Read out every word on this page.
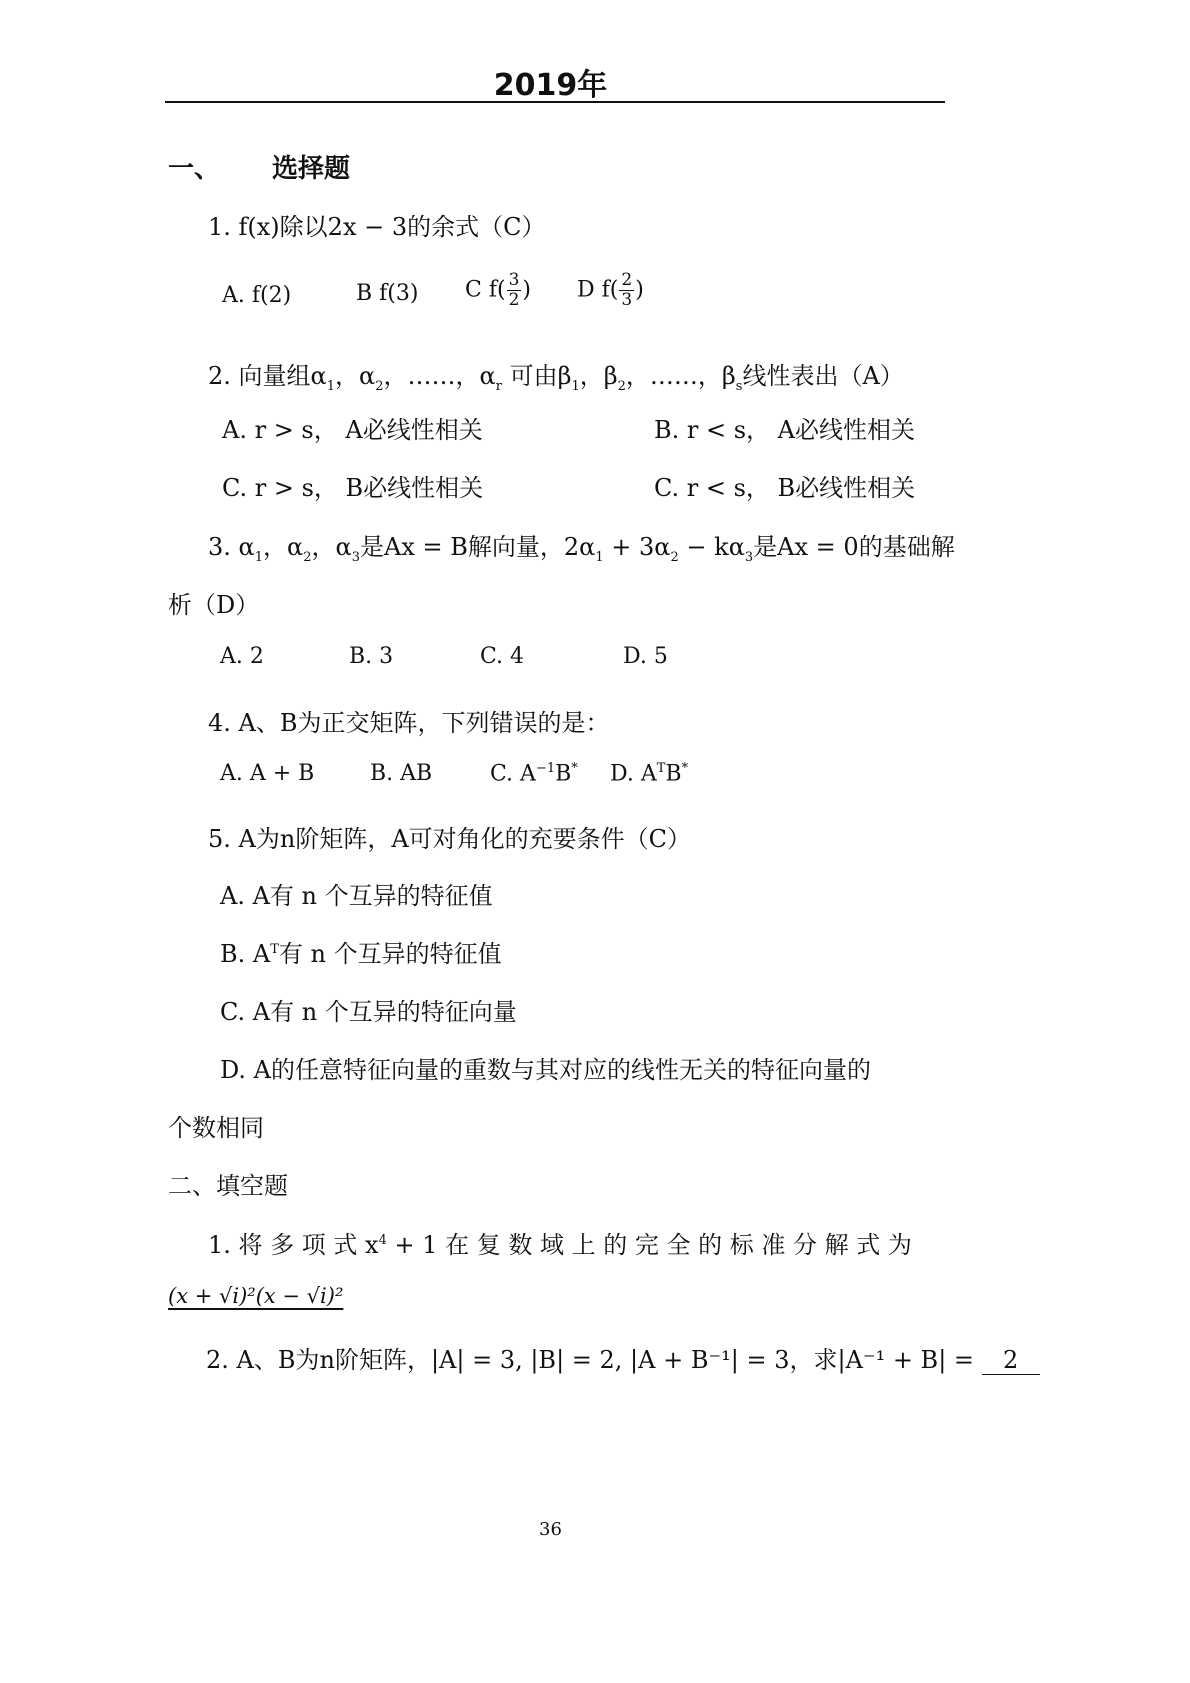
2019年
一、 选择题
1. f(x)除以2x − 3的余式（C）
A. f(2)	B f(3) C $f( \frac{3}{2}$ ) D $f( \frac{2}{3}$ )
2. 向量组$\alpha_1$，$\alpha_2$，……，$\alpha_r$ 可由$\beta_1$，$\beta_2$，……，$\beta_s$线性表出（A）
A. r > s， A必线性相关	B. r < s， A必线性相关
C. r > s， B必线性相关	C. r < s， B必线性相关
3. $\alpha_1$，$\alpha_2$，$\alpha_3$是Ax = B解向量，$2\alpha_1 + 3\alpha_2 - k\alpha_3$是Ax = 0的基础解
析（D）
A. 2	B. 3	C. 4	D. 5
4. A、B为正交矩阵，下列错误的是：
A. A + B	B. AB	C. $A^{-1}B^*$ D. $A^TB^*$
5. A为n阶矩阵，A可对角化的充要条件（C）
A. A有 n 个互异的特征值
B. $A^T$有 n 个互异的特征值
C. A有 n 个互异的特征向量
D. A的任意特征向量的重数与其对应的线性无关的特征向量的
个数相同
二、填空题
1. 将 多 项 式 $x^4 + 1$ 在 复 数 域 上 的 完 全 的 标 准 分 解 式 为
(x + √i)²(x − √i)²
2. A、B为n阶矩阵，|A| = 3, |B| = 2, |A + B⁻¹| = 3，求|A⁻¹ + B| = 2
36
